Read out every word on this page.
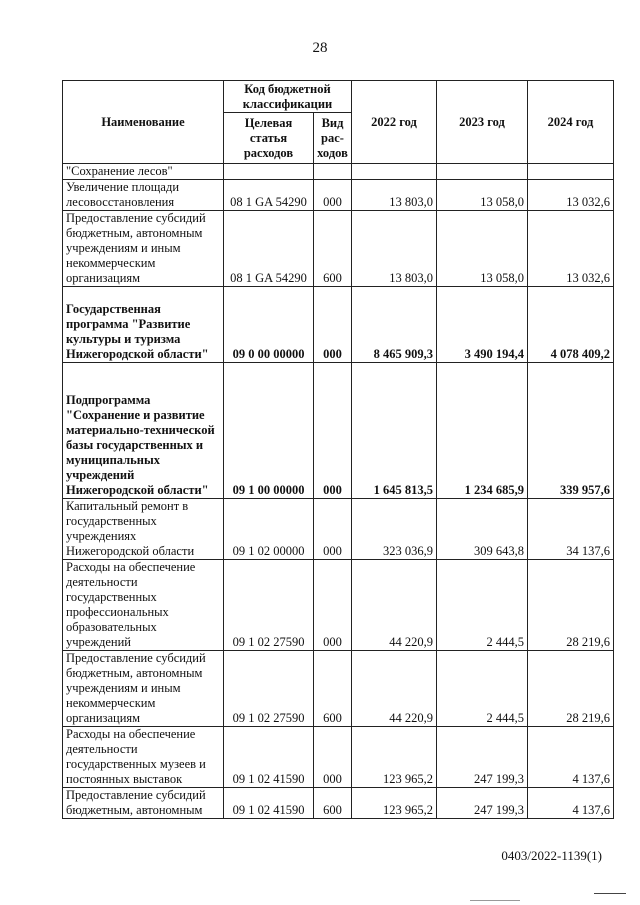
28
Наименование	Код бюджетной классификации		2022 год	2023 год	2024 год
	Целевая статья расходов	Вид рас-ходов			
"Сохранение лесов"					
Увеличение площади лесовосстановления	08 1 GA 54290	000	13 803,0	13 058,0	13 032,6
Предоставление субсидий бюджетным, автономным учреждениям и иным некоммерческим организациям	08 1 GA 54290	600	13 803,0	13 058,0	13 032,6
Государственная программа "Развитие культуры и туризма Нижегородской области"	09 0 00 00000	000	8 465 909,3	3 490 194,4	4 078 409,2
Подпрограмма "Сохранение и развитие материально-технической базы государственных и муниципальных учреждений Нижегородской области"	09 1 00 00000	000	1 645 813,5	1 234 685,9	339 957,6
Капитальный ремонт в государственных учреждениях Нижегородской области	09 1 02 00000	000	323 036,9	309 643,8	34 137,6
Расходы на обеспечение деятельности государственных профессиональных образовательных учреждений	09 1 02 27590	000	44 220,9	2 444,5	28 219,6
Предоставление субсидий бюджетным, автономным учреждениям и иным некоммерческим организациям	09 1 02 27590	600	44 220,9	2 444,5	28 219,6
Расходы на обеспечение деятельности государственных музеев и постоянных выставок	09 1 02 41590	000	123 965,2	247 199,3	4 137,6
Предоставление субсидий бюджетным, автономным	09 1 02 41590	600	123 965,2	247 199,3	4 137,6
0403/2022-1139(1)
